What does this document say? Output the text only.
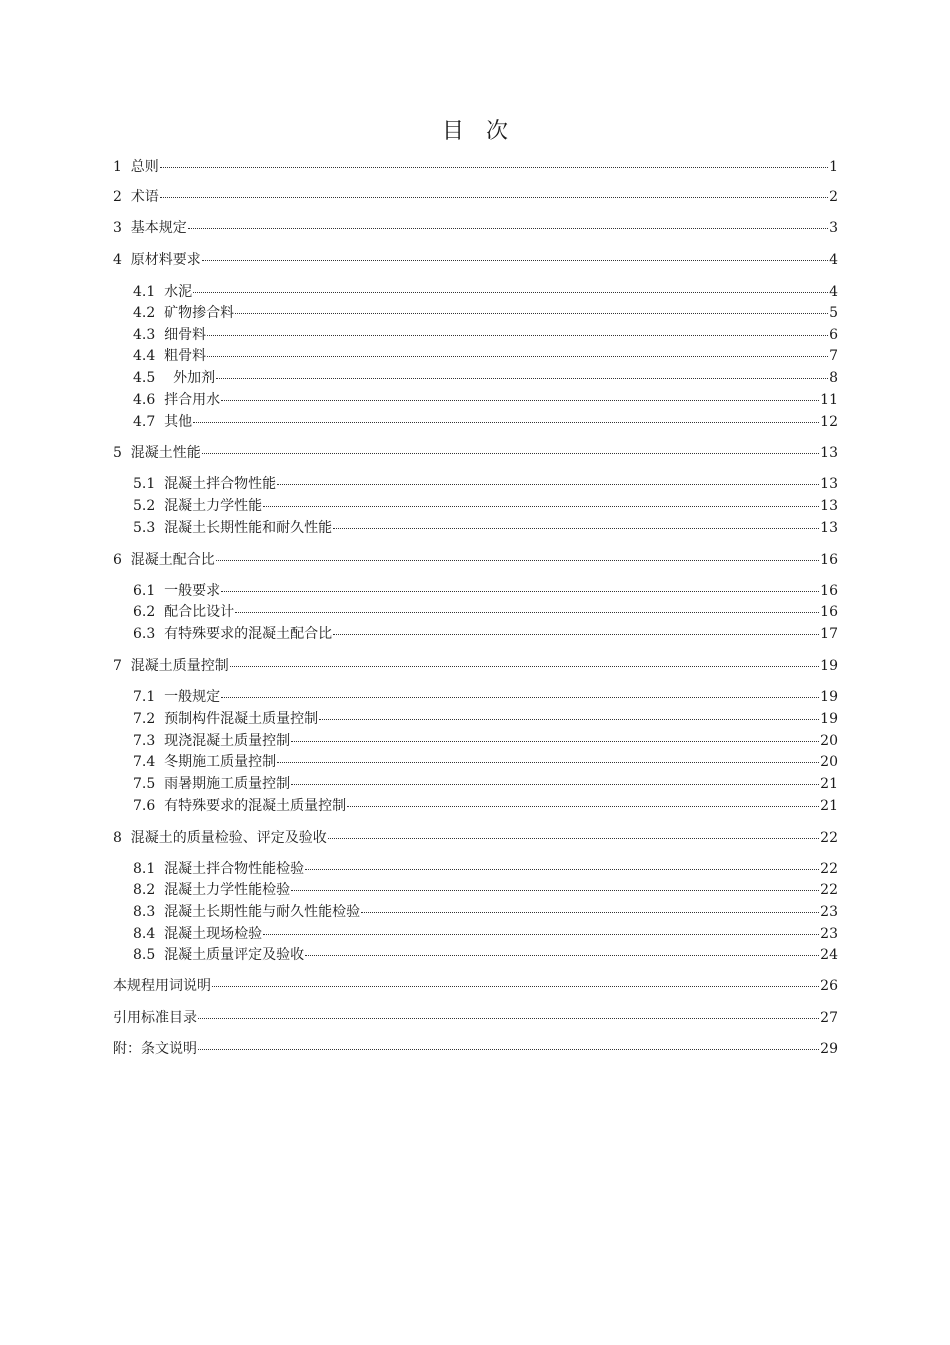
目 次
1  总则	1
2  术语	2
3  基本规定	3
4  原材料要求	4
4.1  水泥	4
4.2  矿物掺合料	5
4.3  细骨料	6
4.4  粗骨料	7
4.5    外加剂	8
4.6  拌合用水	11
4.7  其他	12
5  混凝土性能	13
5.1  混凝土拌合物性能	13
5.2  混凝土力学性能	13
5.3  混凝土长期性能和耐久性能	13
6  混凝土配合比	16
6.1  一般要求	16
6.2  配合比设计	16
6.3  有特殊要求的混凝土配合比	17
7  混凝土质量控制	19
7.1  一般规定	19
7.2  预制构件混凝土质量控制	19
7.3  现浇混凝土质量控制	20
7.4  冬期施工质量控制	20
7.5  雨暑期施工质量控制	21
7.6  有特殊要求的混凝土质量控制	21
8  混凝土的质量检验、评定及验收	22
8.1  混凝土拌合物性能检验	22
8.2  混凝土力学性能检验	22
8.3  混凝土长期性能与耐久性能检验	23
8.4  混凝土现场检验	23
8.5  混凝土质量评定及验收	24
本规程用词说明	26
引用标准目录	27
附：条文说明	29
